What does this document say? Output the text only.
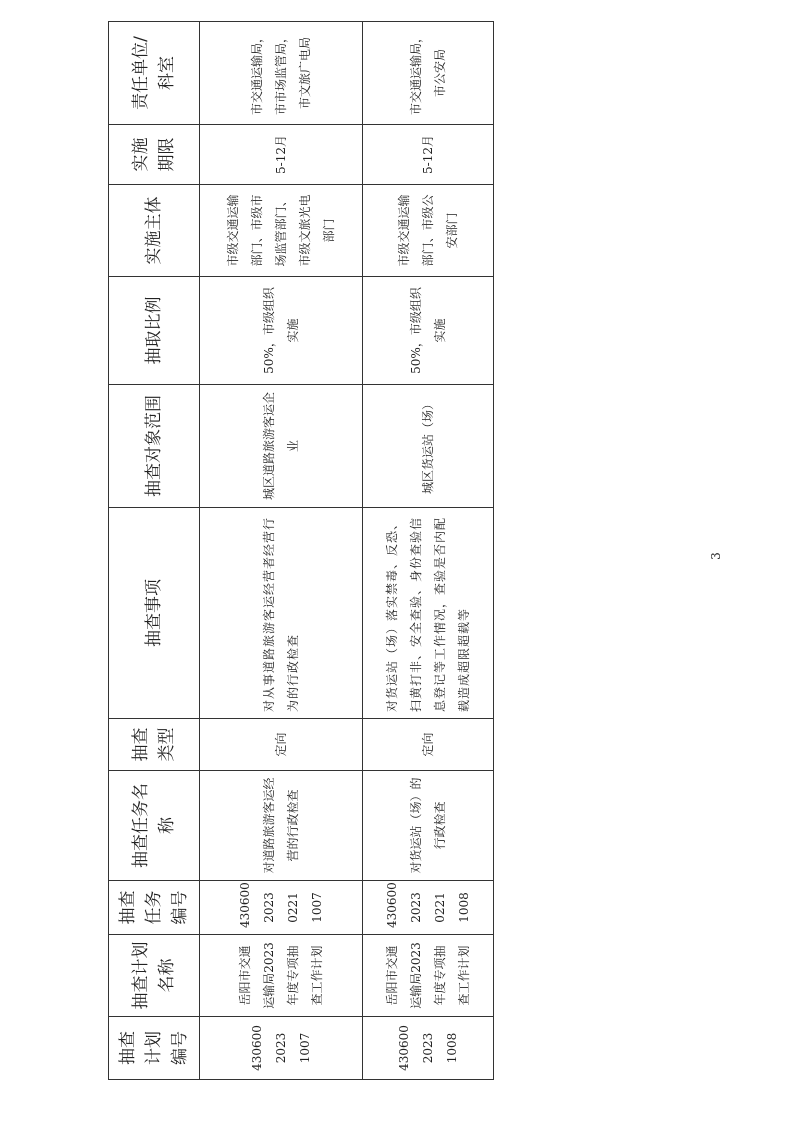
抽查计划编号	抽查计划名称	抽查任务编号	抽查任务名称	抽查类型	抽查事项	抽查对象范围	抽取比例	实施主体	实施期限	责任单位/科室
430600 2023 1007	岳阳市交通运输局2023年度专项抽查工作计划	430600 2023 0221 1007	对道路旅游客运经营的行政检查	定向	对从事道路旅游客运经营者经营行为的行政检查	城区道路旅游客运企业	50%，市级组织实施	市级交通运输部门、市级市场监管部门、市级文旅光电部门	5-12月	市交通运输局，市市场监管局，市文旅广电局
430600 2023 1008	岳阳市交通运输局2023年度专项抽查工作计划	430600 2023 0221 1008	对货运站（场）的行政检查	定向	对货运站（场）落实禁毒、反恐、扫黄打非、安全查验、身份查验信息登记等工作情况，查验是否内配载造成超限超载等	城区货运站（场）	50%，市级组织实施	市级交通运输部门、市级公安部门	5-12月	市交通运输局，市公安局
3
